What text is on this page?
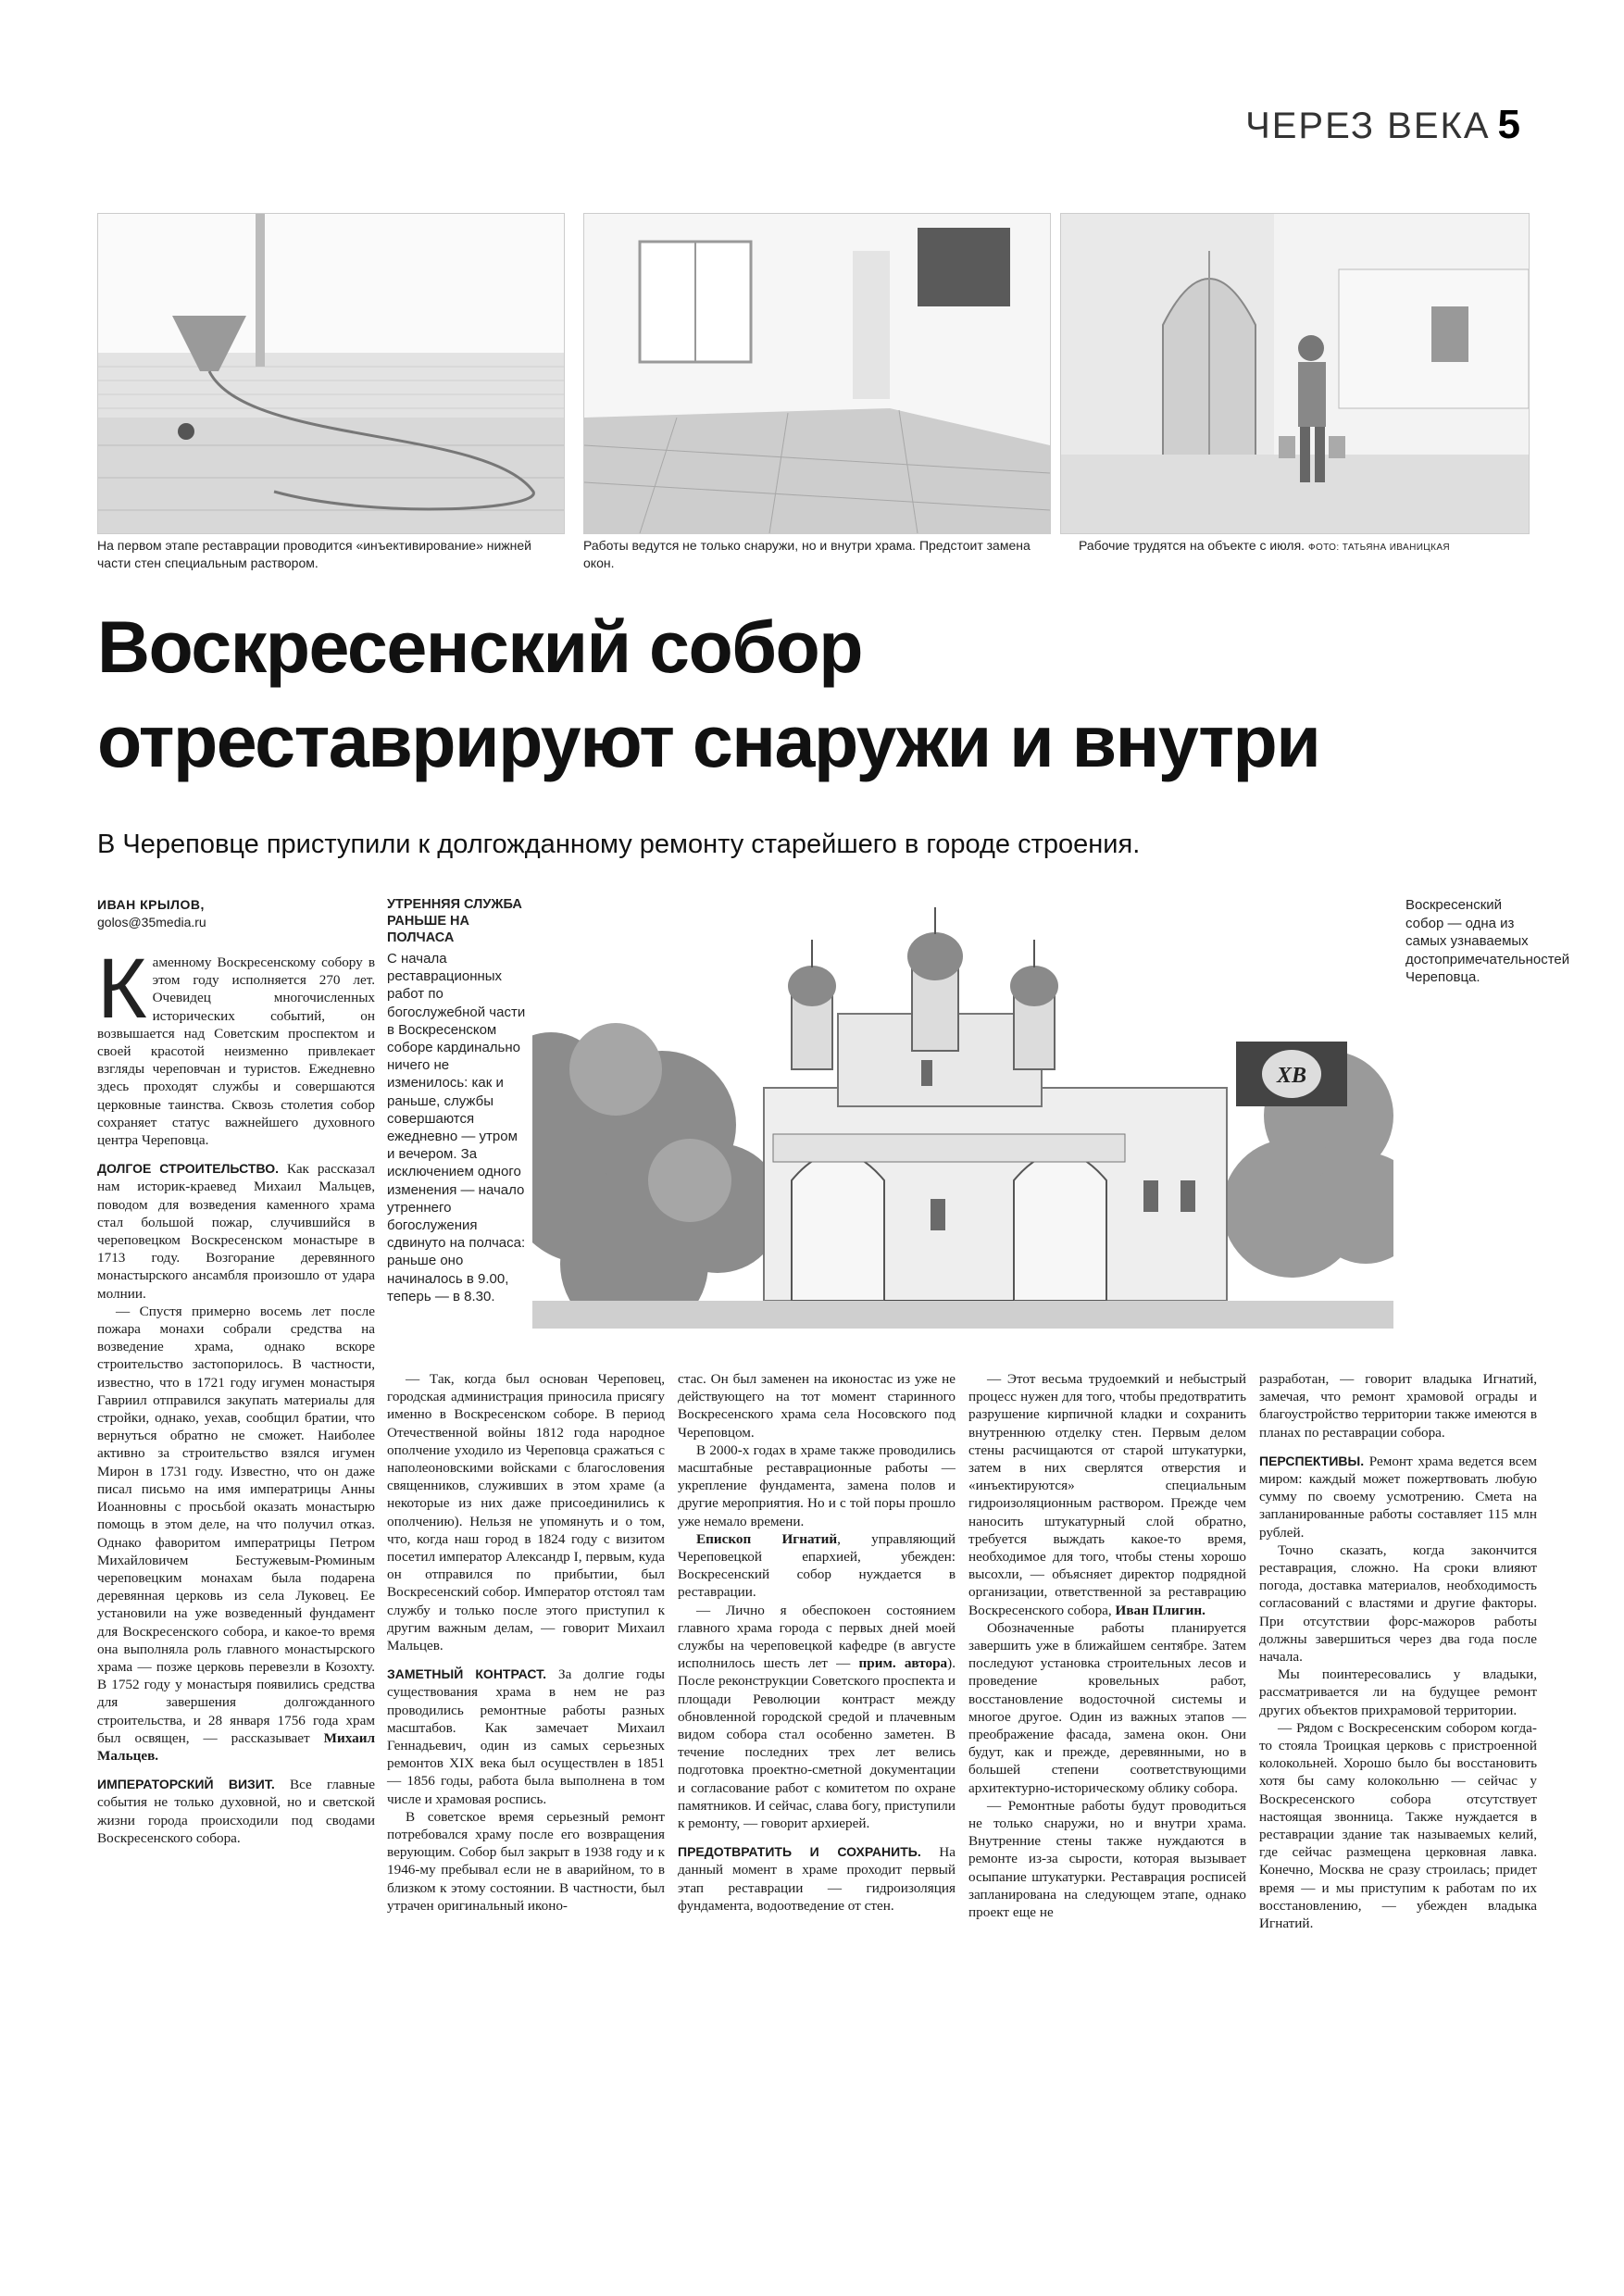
ЧЕРЕЗ ВЕКА 5
На первом этапе реставрации проводится «инъективирование» нижней части стен специальным раствором.
Работы ведутся не только снаружи, но и внутри храма. Предстоит замена окон.
Рабочие трудятся на объекте с июля. ФОТО: ТАТЬЯНА ИВАНИЦКАЯ
Воскресенский собор
отреставрируют снаружи и внутри
В Череповце приступили к долгожданному ремонту старейшего в городе строения.
ИВАН КРЫЛОВ,
golos@35media.ru
УТРЕННЯЯ СЛУЖБА РАНЬШЕ НА ПОЛЧАСА
С начала реставрационных работ по богослужебной части в Воскресенском соборе кардинально ничего не изменилось: как и раньше, службы совершаются ежедневно — утром и вечером. За исключением одного изменения — начало утреннего богослужения сдвинуто на полчаса: раньше оно начиналось в 9.00, теперь — в 8.30.
ХВ
Воскресенский собор — одна из самых узнаваемых достопримечательностей Череповца.

Каменному Воскресенскому собору в этом году исполняется 270 лет. Очевидец многочисленных исторических событий, он возвышается над Советским проспектом и своей красотой неизменно привлекает взгляды череповчан и туристов. Ежедневно здесь проходят службы и совершаются церковные таинства. Сквозь столетия собор сохраняет статус важнейшего духовного центра Череповца.

ДОЛГОЕ СТРОИТЕЛЬСТВО. Как рассказал нам историк-краевед Михаил Мальцев, поводом для возведения каменного храма стал большой пожар, случившийся в череповецком Воскресенском монастыре в 1713 году. Возгорание деревянного монастырского ансамбля произошло от удара молнии.

— Спустя примерно восемь лет после пожара монахи собрали средства на возведение храма, однако вскоре строительство застопорилось. В частности, известно, что в 1721 году игумен монастыря Гавриил отправился закупать материалы для стройки, однако, уехав, сообщил братии, что вернуться обратно не сможет. Наиболее активно за строительство взялся игумен Мирон в 1731 году. Известно, что он даже писал письмо на имя императрицы Анны Иоанновны с просьбой оказать монастырю помощь в этом деле, на что получил отказ. Однако фаворитом императрицы Петром Михайловичем Бестужевым-Рюминым череповецким монахам была подарена деревянная церковь из села Луковец. Ее установили на уже возведенный фундамент для Воскресенского собора, и какое-то время она выполняла роль главного монастырского храма — позже церковь перевезли в Козохту. В 1752 году у монастыря появились средства для завершения долгожданного строительства, и 28 января 1756 года храм был освящен, — рассказывает Михаил Мальцев.

ИМПЕРАТОРСКИЙ ВИЗИТ. Все главные события не только духовной, но и светской жизни города происходили под сводами Воскресенского собора.

— Так, когда был основан Череповец, городская администрация приносила присягу именно в Воскресенском соборе. В период Отечественной войны 1812 года народное ополчение уходило из Череповца сражаться с наполеоновскими войсками с благословения священников, служивших в этом храме (а некоторые из них даже присоединились к ополчению). Нельзя не упомянуть и о том, что, когда наш город в 1824 году с визитом посетил император Александр I, первым, куда он отправился по прибытии, был Воскресенский собор. Император отстоял там службу и только после этого приступил к другим важным делам, — говорит Михаил Мальцев.

ЗАМЕТНЫЙ КОНТРАСТ. За долгие годы существования храма в нем не раз проводились ремонтные работы разных масштабов. Как замечает Михаил Геннадьевич, один из самых серьезных ремонтов XIX века был осуществлен в 1851 — 1856 годы, работа была выполнена в том числе и храмовая роспись.

В советское время серьезный ремонт потребовался храму после его возвращения верующим. Собор был закрыт в 1938 году и к 1946-му пребывал если не в аварийном, то в близком к этому состоянии. В частности, был утрачен оригинальный иконо-

стас. Он был заменен на иконостас из уже не действующего на тот момент старинного Воскресенского храма села Носовского под Череповцом.

В 2000-х годах в храме также проводились масштабные реставрационные работы — укрепление фундамента, замена полов и другие мероприятия. Но и с той поры прошло уже немало времени.

Епископ Игнатий, управляющий Череповецкой епархией, убежден: Воскресенский собор нуждается в реставрации.

— Лично я обеспокоен состоянием главного храма города с первых дней моей службы на череповецкой кафедре (в августе исполнилось шесть лет — прим. автора). После реконструкции Советского проспекта и площади Революции контраст между обновленной городской средой и плачевным видом собора стал особенно заметен. В течение последних трех лет велись подготовка проектно-сметной документации и согласование работ с комитетом по охране памятников. И сейчас, слава богу, приступили к ремонту, — говорит архиерей.

ПРЕДОТВРАТИТЬ И СОХРАНИТЬ. На данный момент в храме проходит первый этап реставрации — гидроизоляция фундамента, водоотведение от стен.

— Этот весьма трудоемкий и небыстрый процесс нужен для того, чтобы предотвратить разрушение кирпичной кладки и сохранить внутреннюю отделку стен. Первым делом стены расчищаются от старой штукатурки, затем в них сверлятся отверстия и «инъектируются» специальным гидроизоляционным раствором. Прежде чем наносить штукатурный слой обратно, требуется выждать какое-то время, необходимое для того, чтобы стены хорошо высохли, — объясняет директор подрядной организации, ответственной за реставрацию Воскресенского собора, Иван Плигин.

Обозначенные работы планируется завершить уже в ближайшем сентябре. Затем последуют установка строительных лесов и проведение кровельных работ, восстановление водосточной системы и многое другое. Один из важных этапов — преображение фасада, замена окон. Они будут, как и прежде, деревянными, но в большей степени соответствующими архитектурно-историческому облику собора.

— Ремонтные работы будут проводиться не только снаружи, но и внутри храма. Внутренние стены также нуждаются в ремонте из-за сырости, которая вызывает осыпание штукатурки. Реставрация росписей запланирована на следующем этапе, однако проект еще не

разработан, — говорит владыка Игнатий, замечая, что ремонт храмовой ограды и благоустройство территории также имеются в планах по реставрации собора.

ПЕРСПЕКТИВЫ. Ремонт храма ведется всем миром: каждый может пожертвовать любую сумму по своему усмотрению. Смета на запланированные работы составляет 115 млн рублей.

Точно сказать, когда закончится реставрация, сложно. На сроки влияют погода, доставка материалов, необходимость согласований с властями и другие факторы. При отсутствии форс-мажоров работы должны завершиться через два года после начала.

Мы поинтересовались у владыки, рассматривается ли на будущее ремонт других объектов прихрамовой территории.

— Рядом с Воскресенским собором когда-то стояла Троицкая церковь с пристроенной колокольней. Хорошо было бы восстановить хотя бы саму колокольню — сейчас у Воскресенского собора отсутствует настоящая звонница. Также нуждается в реставрации здание так называемых келий, где сейчас размещена церковная лавка. Конечно, Москва не сразу строилась; придет время — и мы приступим к работам по их восстановлению, — убежден владыка Игнатий.
